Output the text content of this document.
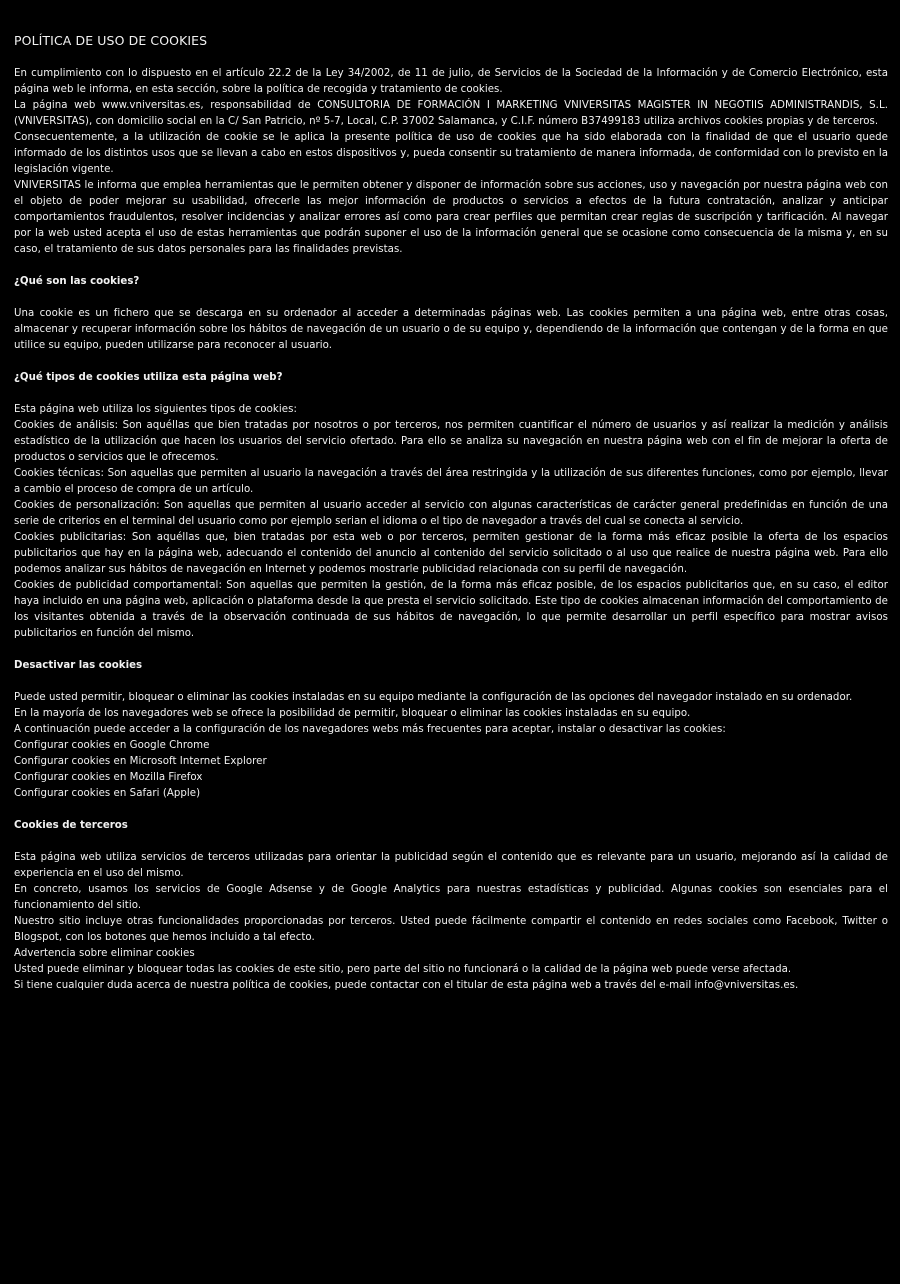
POLÍTICA DE USO DE COOKIES

En cumplimiento con lo dispuesto en el artículo 22.2 de la Ley 34/2002, de 11 de julio, de Servicios de la Sociedad de la Información y de Comercio Electrónico, esta página web le informa, en esta sección, sobre la política de recogida y tratamiento de cookies.

La página web www.vniversitas.es, responsabilidad de CONSULTORIA DE FORMACIÓN I MARKETING VNIVERSITAS MAGISTER IN NEGOTIIS ADMINISTRANDIS, S.L. (VNIVERSITAS), con domicilio social en la C/ San Patricio, nº 5-7, Local, C.P. 37002 Salamanca, y C.I.F. número B37499183 utiliza archivos cookies propias y de terceros.

Consecuentemente, a la utilización de cookie se le aplica la presente política de uso de cookies que ha sido elaborada con la finalidad de que el usuario quede informado de los distintos usos que se llevan a cabo en estos dispositivos y, pueda consentir su tratamiento de manera informada, de conformidad con lo previsto en la legislación vigente.

VNIVERSITAS le informa que emplea herramientas que le permiten obtener y disponer de información sobre sus acciones, uso y navegación por nuestra página web con el objeto de poder mejorar su usabilidad, ofrecerle las mejor información de productos o servicios a efectos de la futura contratación, analizar y anticipar comportamientos fraudulentos, resolver incidencias y analizar errores así como para crear perfiles que permitan crear reglas de suscripción y tarificación. Al navegar por la web usted acepta el uso de estas herramientas que podrán suponer el uso de la información general que se ocasione como consecuencia de la misma y, en su caso, el tratamiento de sus datos personales para las finalidades previstas.

¿Qué son las cookies?

Una cookie es un fichero que se descarga en su ordenador al acceder a determinadas páginas web. Las cookies permiten a una página web, entre otras cosas, almacenar y recuperar información sobre los hábitos de navegación de un usuario o de su equipo y, dependiendo de la información que contengan y de la forma en que utilice su equipo, pueden utilizarse para reconocer al usuario.

¿Qué tipos de cookies utiliza esta página web?

Esta página web utiliza los siguientes tipos de cookies:

Cookies de análisis: Son aquéllas que bien tratadas por nosotros o por terceros, nos permiten cuantificar el número de usuarios y así realizar la medición y análisis estadístico de la utilización que hacen los usuarios del servicio ofertado. Para ello se analiza su navegación en nuestra página web con el fin de mejorar la oferta de productos o servicios que le ofrecemos.

Cookies técnicas: Son aquellas que permiten al usuario la navegación a través del área restringida y la utilización de sus diferentes funciones, como por ejemplo, llevar a cambio el proceso de compra de un artículo.

Cookies de personalización: Son aquellas que permiten al usuario acceder al servicio con algunas características de carácter general predefinidas en función de una serie de criterios en el terminal del usuario como por ejemplo serian el idioma o el tipo de navegador a través del cual se conecta al servicio.

Cookies publicitarias: Son aquéllas que, bien tratadas por esta web o por terceros, permiten gestionar de la forma más eficaz posible la oferta de los espacios publicitarios que hay en la página web, adecuando el contenido del anuncio al contenido del servicio solicitado o al uso que realice de nuestra página web. Para ello podemos analizar sus hábitos de navegación en Internet y podemos mostrarle publicidad relacionada con su perfil de navegación.

Cookies de publicidad comportamental: Son aquellas que permiten la gestión, de la forma más eficaz posible, de los espacios publicitarios que, en su caso, el editor haya incluido en una página web, aplicación o plataforma desde la que presta el servicio solicitado. Este tipo de cookies almacenan información del comportamiento de los visitantes obtenida a través de la observación continuada de sus hábitos de navegación, lo que permite desarrollar un perfil específico para mostrar avisos publicitarios en función del mismo.

Desactivar las cookies

Puede usted permitir, bloquear o eliminar las cookies instaladas en su equipo mediante la configuración de las opciones del navegador instalado en su ordenador.

En la mayoría de los navegadores web se ofrece la posibilidad de permitir, bloquear o eliminar las cookies instaladas en su equipo.

A continuación puede acceder a la configuración de los navegadores webs más frecuentes para aceptar, instalar o desactivar las cookies:

Configurar cookies en Google Chrome

Configurar cookies en Microsoft Internet Explorer

Configurar cookies en Mozilla Firefox

Configurar cookies en Safari (Apple)

Cookies de terceros

Esta página web utiliza servicios de terceros utilizadas para orientar la publicidad según el contenido que es relevante para un usuario, mejorando así la calidad de experiencia en el uso del mismo.

En concreto, usamos los servicios de Google Adsense y de Google Analytics para nuestras estadísticas y publicidad. Algunas cookies son esenciales para el funcionamiento del sitio.

Nuestro sitio incluye otras funcionalidades proporcionadas por terceros. Usted puede fácilmente compartir el contenido en redes sociales como Facebook, Twitter o Blogspot, con los botones que hemos incluido a tal efecto.

Advertencia sobre eliminar cookies

Usted puede eliminar y bloquear todas las cookies de este sitio, pero parte del sitio no funcionará o la calidad de la página web puede verse afectada.

Si tiene cualquier duda acerca de nuestra política de cookies, puede contactar con el titular de esta página web a través del e-mail info@vniversitas.es.
